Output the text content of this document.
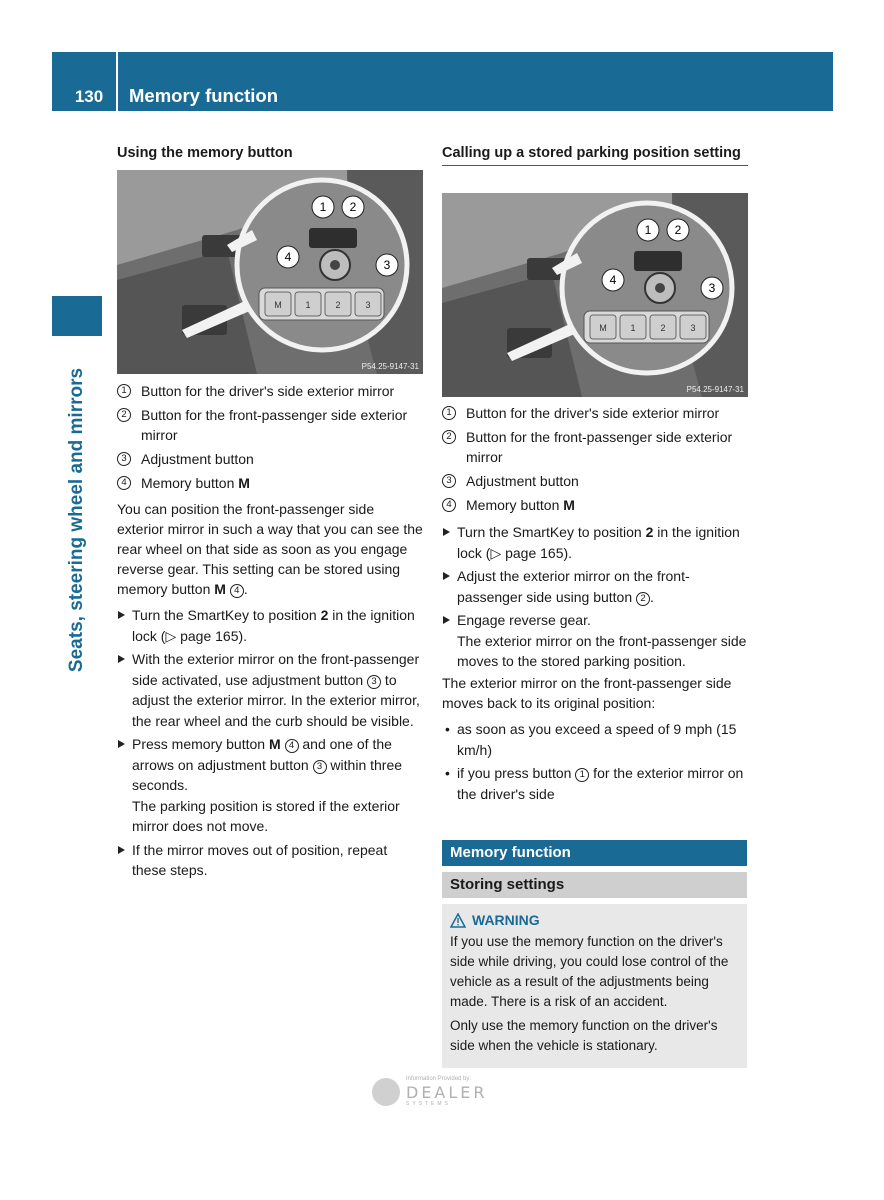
130	Memory function
Seats, steering wheel and mirrors
Using the memory button
M	1	2	3
1 2
3
4
P54.25-9147-31
1	Button for the driver's side exterior mirror
2	Button for the front-passenger side exterior mirror
3	Adjustment button
4	Memory button M

You can position the front-passenger side exterior mirror in such a way that you can see the rear wheel on that side as soon as you engage reverse gear. This setting can be stored using memory button M 4 .

Turn the SmartKey to position 2 in the ignition lock (▷ page 165).
With the exterior mirror on the front-passenger side activated, use adjustment button 3 to adjust the exterior mirror. In the exterior mirror, the rear wheel and the curb should be visible.
Press memory button M 4 and one of the arrows on adjustment button 3 within three seconds.
The parking position is stored if the exterior mirror does not move.
If the mirror moves out of position, repeat these steps.
Calling up a stored parking position setting
M	1	2	3
1 2
3
4
P54.25-9147-31
1	Button for the driver's side exterior mirror
2	Button for the front-passenger side exterior mirror
3	Adjustment button
4	Memory button M
Turn the SmartKey to position 2 in the ignition lock (▷ page 165).
Adjust the exterior mirror on the front-passenger side using button 2 .
Engage reverse gear.
The exterior mirror on the front-passenger side moves to the stored parking position.

The exterior mirror on the front-passenger side moves back to its original position:

• as soon as you exceed a speed of 9 mph (15 km/h)
• if you press button 1 for the exterior mirror on the driver's side
Memory function
Storing settings
WARNING

If you use the memory function on the driver's side while driving, you could lose control of the vehicle as a result of the adjustments being made. There is a risk of an accident.

Only use the memory function on the driver's side when the vehicle is stationary.

Information Provided by:
DEALER
SYSTEMS
